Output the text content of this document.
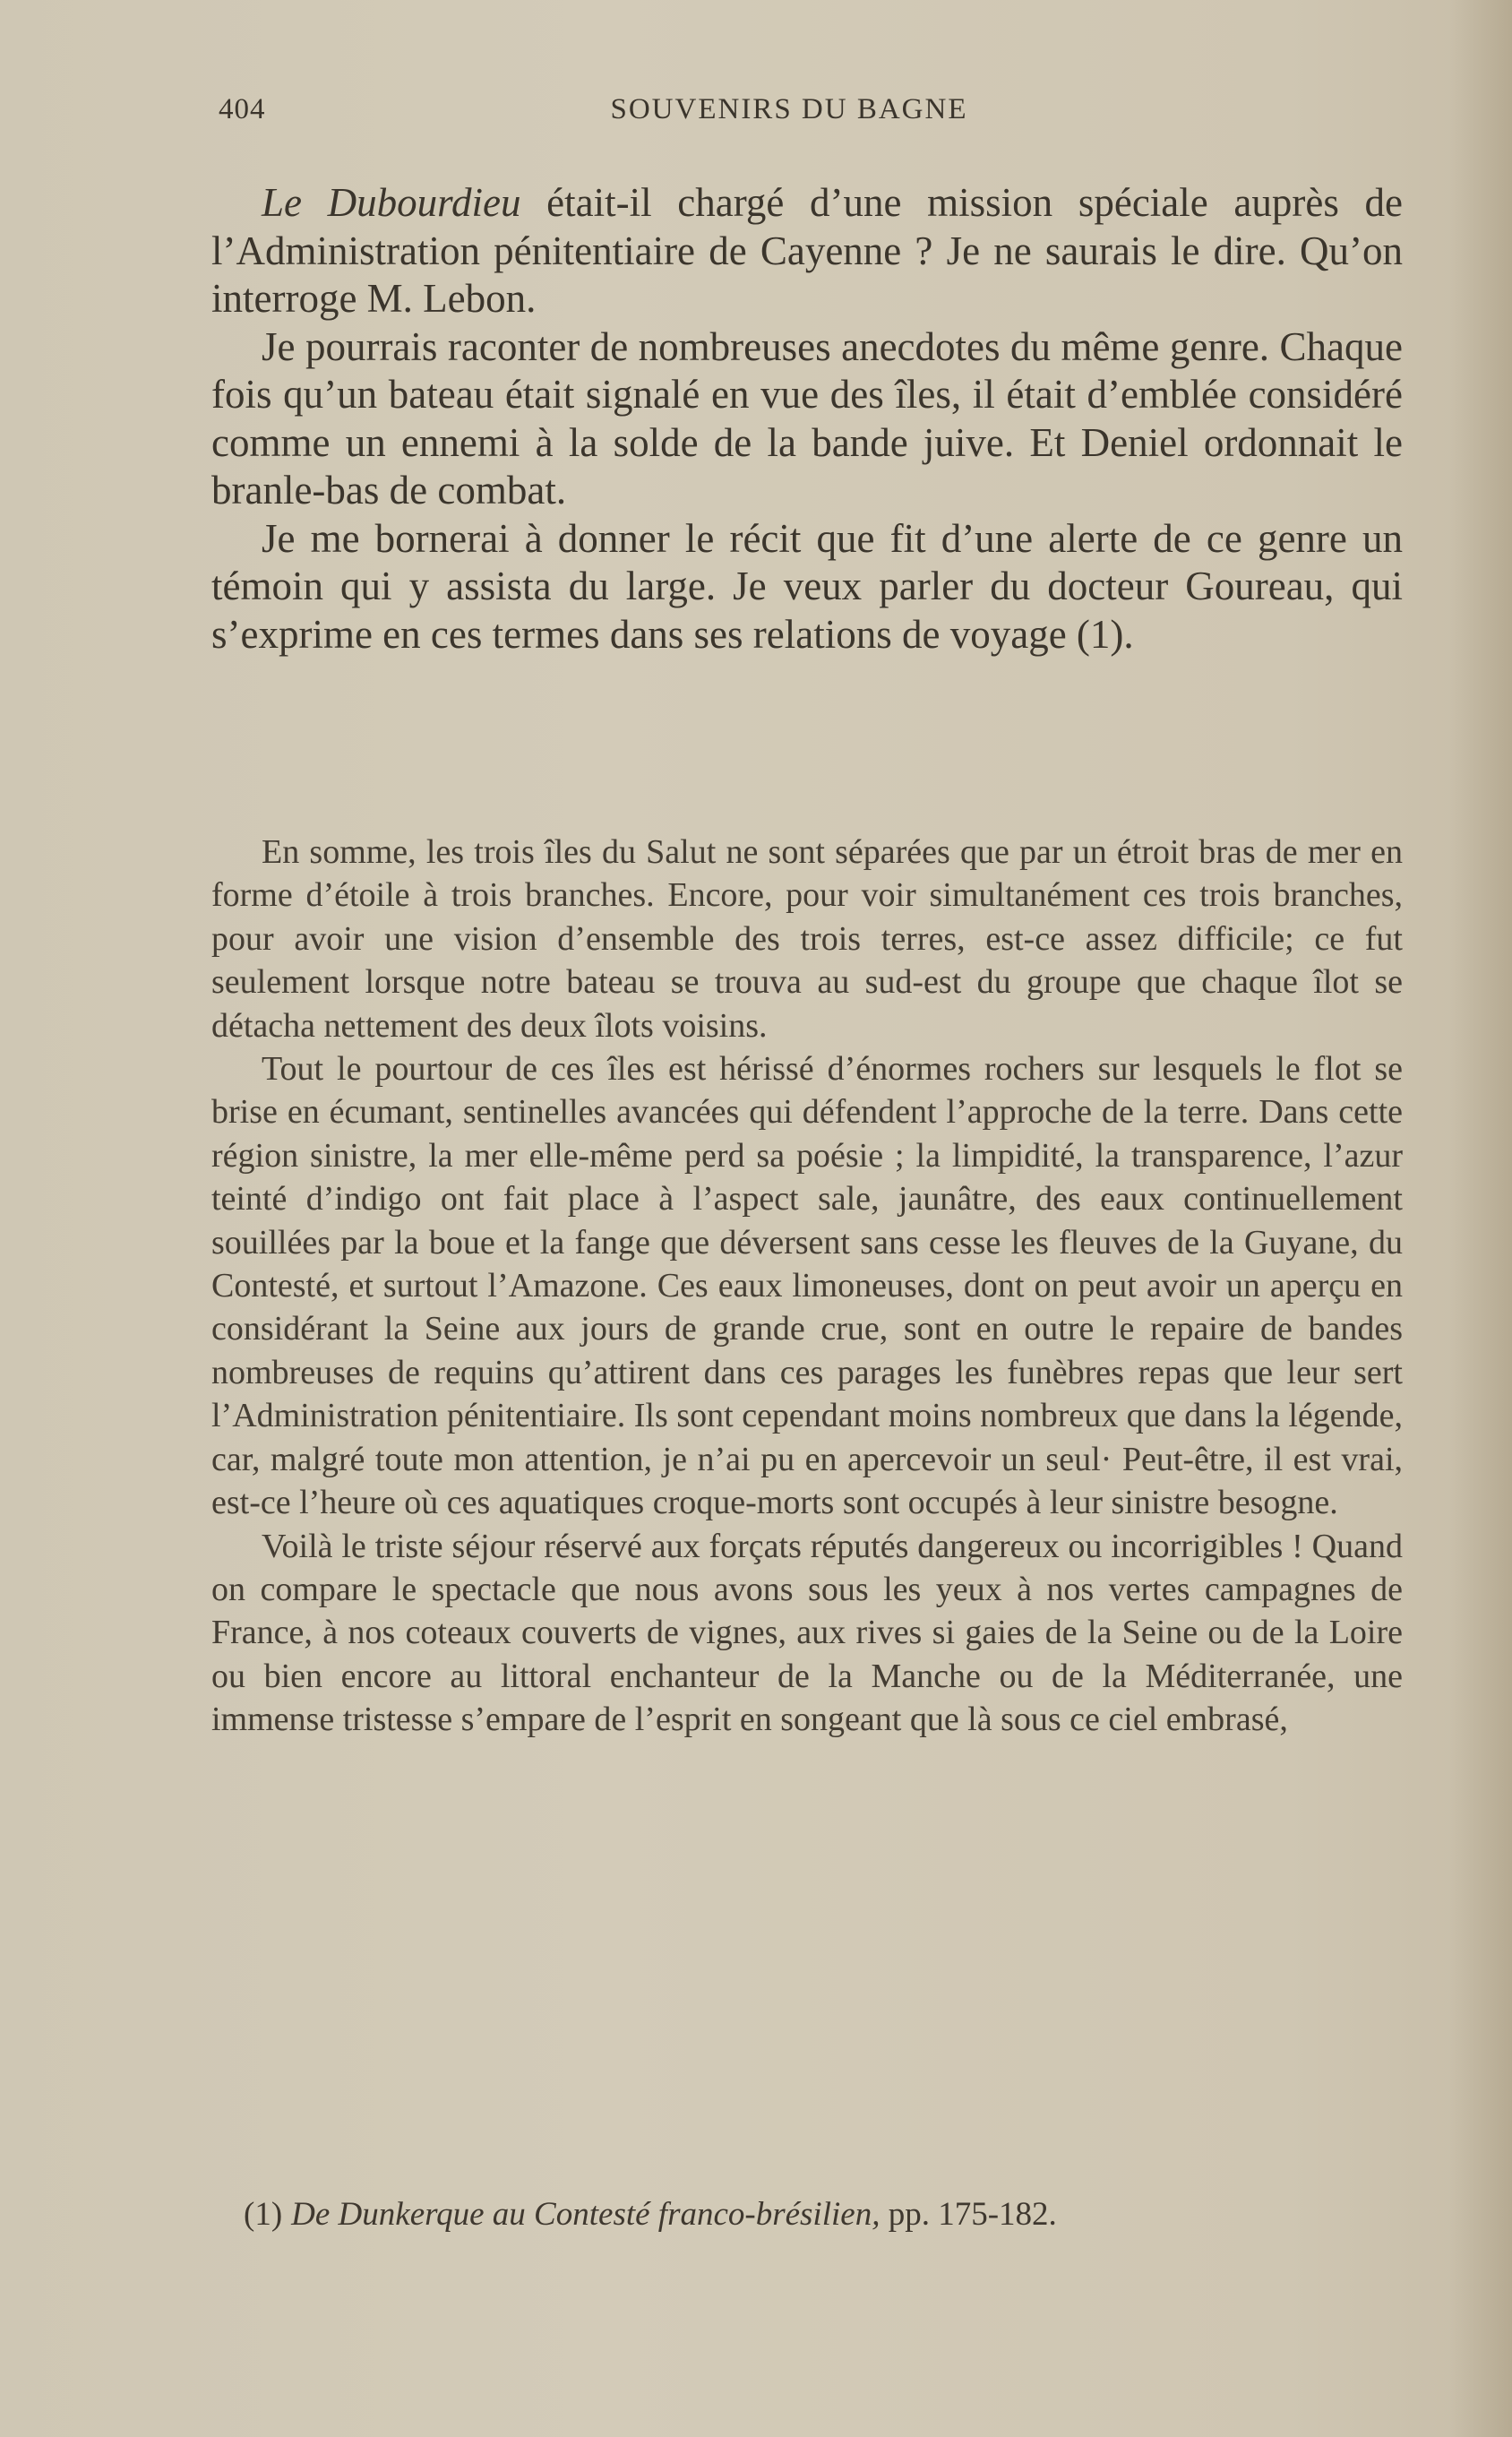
404	SOUVENIRS DU BAGNE

Le Dubourdieu était-il chargé d’une mission spéciale auprès de l’Administration pénitentiaire de Cayenne ? Je ne saurais le dire. Qu’on interroge M. Lebon.

Je pourrais raconter de nombreuses anecdotes du même genre. Chaque fois qu’un bateau était signalé en vue des îles, il était d’emblée considéré comme un ennemi à la solde de la bande juive. Et Deniel ordonnait le branle-bas de combat.

Je me bornerai à donner le récit que fit d’une alerte de ce genre un témoin qui y assista du large. Je veux parler du docteur Goureau, qui s’exprime en ces termes dans ses relations de voyage (1).

En somme, les trois îles du Salut ne sont séparées que par un étroit bras de mer en forme d’étoile à trois branches. Encore, pour voir simultanément ces trois branches, pour avoir une vision d’ensemble des trois terres, est-ce assez difficile; ce fut seulement lorsque notre bateau se trouva au sud-est du groupe que chaque îlot se détacha nettement des deux îlots voisins.

Tout le pourtour de ces îles est hérissé d’énormes rochers sur lesquels le flot se brise en écumant, sentinelles avancées qui défendent l’approche de la terre. Dans cette région sinistre, la mer elle-même perd sa poésie ; la limpidité, la transparence, l’azur teinté d’indigo ont fait place à l’aspect sale, jaunâtre, des eaux continuellement souillées par la boue et la fange que déversent sans cesse les fleuves de la Guyane, du Contesté, et surtout l’Amazone. Ces eaux limoneuses, dont on peut avoir un aperçu en considérant la Seine aux jours de grande crue, sont en outre le repaire de bandes nombreuses de requins qu’attirent dans ces parages les funèbres repas que leur sert l’Administration pénitentiaire. Ils sont cependant moins nombreux que dans la légende, car, malgré toute mon attention, je n’ai pu en apercevoir un seul· Peut-être, il est vrai, est-ce l’heure où ces aquatiques croque-morts sont occupés à leur sinistre besogne.

Voilà le triste séjour réservé aux forçats réputés dangereux ou incorrigibles ! Quand on compare le spectacle que nous avons sous les yeux à nos vertes campagnes de France, à nos coteaux couverts de vignes, aux rives si gaies de la Seine ou de la Loire ou bien encore au littoral enchanteur de la Manche ou de la Méditerranée, une immense tristesse s’empare de l’esprit en songeant que là sous ce ciel embrasé,

(1) De Dunkerque au Contesté franco-brésilien, pp. 175-182.
